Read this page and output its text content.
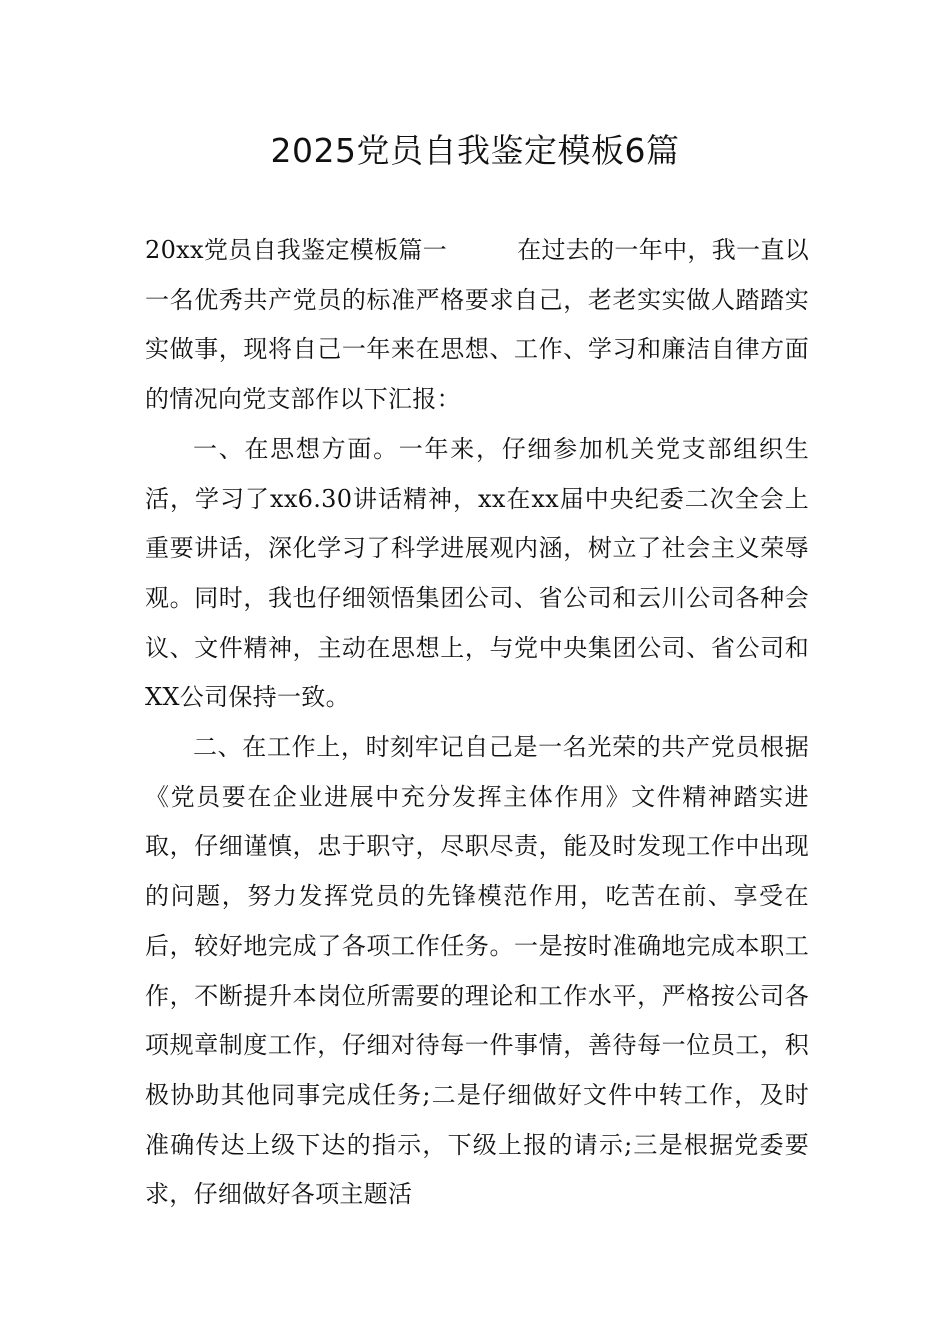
2025党员自我鉴定模板6篇

20xx党员自我鉴定模板篇一	在过去的一年中，我一直以一名优秀共产党员的标准严格要求自己，老老实实做人踏踏实实做事，现将自己一年来在思想、工作、学习和廉洁自律方面的情况向党支部作以下汇报：

一、在思想方面。一年来，仔细参加机关党支部组织生活，学习了xx6.30讲话精神，xx在xx届中央纪委二次全会上重要讲话，深化学习了科学进展观内涵，树立了社会主义荣辱观。同时，我也仔细领悟集团公司、省公司和云川公司各种会议、文件精神，主动在思想上，与党中央集团公司、省公司和XX公司保持一致。

二、在工作上，时刻牢记自己是一名光荣的共产党员根据《党员要在企业进展中充分发挥主体作用》文件精神踏实进取，仔细谨慎，忠于职守，尽职尽责，能及时发现工作中出现的问题，努力发挥党员的先锋模范作用，吃苦在前、享受在后，较好地完成了各项工作任务。一是按时准确地完成本职工作，不断提升本岗位所需要的理论和工作水平，严格按公司各项规章制度工作，仔细对待每一件事情，善待每一位员工，积极协助其他同事完成任务;二是仔细做好文件中转工作，及时准确传达上级下达的指示，下级上报的请示;三是根据党委要求，仔细做好各项主题活
